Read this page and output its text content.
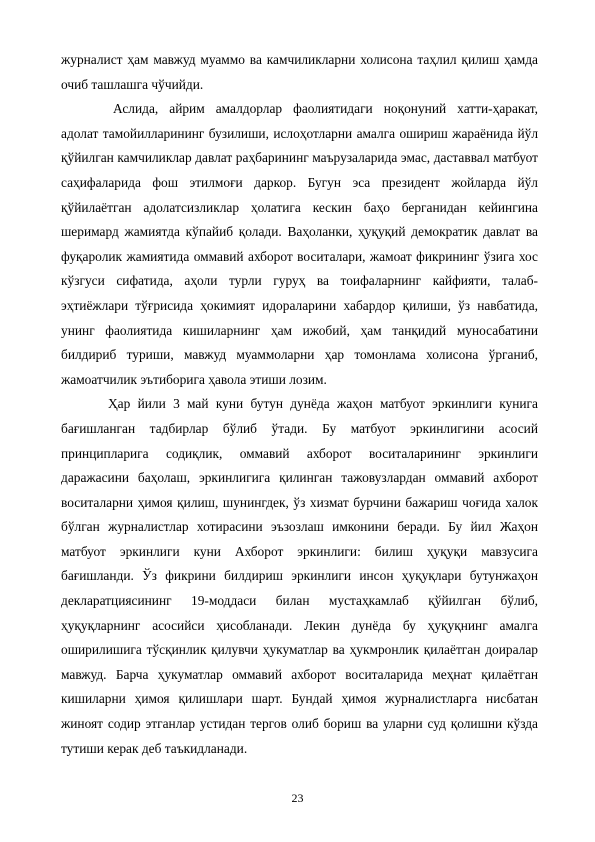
журналист ҳам мавжуд муаммо ва камчиликларни холисона таҳлил қилиш ҳамда очиб ташлашга чўчийди.

Аслида, айрим амалдорлар фаолиятидаги ноқонуний хатти-ҳаракат, адолат тамойилларининг бузилиши, ислоҳотларни амалга ошириш жараёнида йўл қўйилган камчиликлар давлат раҳбарининг маърузаларида эмас, даставвал матбуот саҳифаларида фош этилмоғи даркор. Бугун эса президент жойларда йўл қўйилаётган адолатсизликлар ҳолатига кескин баҳо берганидан кейингина шеримард жамиятда кўпайиб қолади. Ваҳоланки, ҳуқуқий демократик давлат ва фуқаролик жамиятида оммавий ахборот воситалари, жамоат фикрининг ўзига хос кўзгуси сифатида, аҳоли турли гуруҳ ва тоифаларнинг кайфияти, талаб-эҳтиёжлари тўғрисида ҳокимият идораларини хабардор қилиши, ўз навбатида, унинг фаолиятида кишиларнинг ҳам ижобий, ҳам танқидий муносабатини билдириб туриши, мавжуд муаммоларни ҳар томонлама холисона ўрганиб, жамоатчилик эътиборига ҳавола этиши лозим.

Ҳар йили 3 май куни бутун дунёда жаҳон матбуот эркинлиги кунига бағишланган тадбирлар бўлиб ўтади. Бу матбуот эркинлигини асосий принципларига содиқлик, оммавий ахборот воситаларининг эркинлиги даражасини баҳолаш, эркинлигига қилинган тажовузлардан оммавий ахборот воситаларни ҳимоя қилиш, шунингдек, ўз хизмат бурчини бажариш чоғида халок бўлган журналистлар хотирасини эъзозлаш имконини беради. Бу йил Жаҳон матбуот эркинлиги куни Ахборот эркинлиги: билиш ҳуқуқи мавзусига бағишланди. Ўз фикрини билдириш эркинлиги инсон ҳуқуқлари бутунжаҳон декларатциясининг 19-моддаси билан мустаҳкамлаб қўйилган бўлиб, ҳуқуқларнинг асосийси ҳисобланади. Лекин дунёда бу ҳуқуқнинг амалга оширилишига тўсқинлик қилувчи ҳукуматлар ва ҳукмронлик қилаётган доиралар мавжуд. Барча ҳукуматлар оммавий ахборот воситаларида меҳнат қилаётган кишиларни ҳимоя қилишлари шарт. Бундай ҳимоя журналистларга нисбатан жиноят содир этганлар устидан тергов олиб бориш ва уларни суд қолишни кўзда тутиши керак деб таъкидланади.

23
